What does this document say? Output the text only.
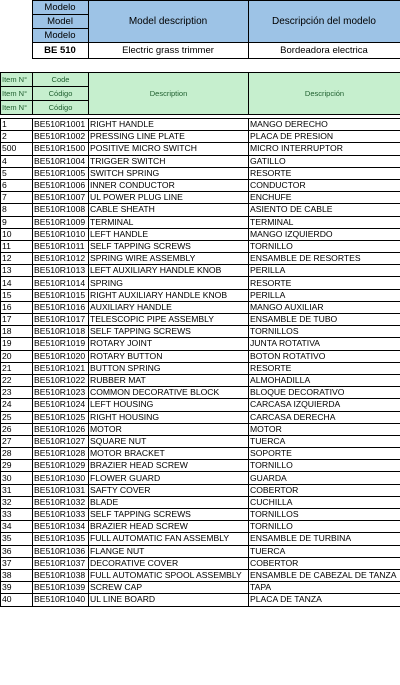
	Modelo	Model description	Descripción del modelo
	Model		
	Modelo		
	BE 510	Electric grass trimmer	Bordeadora electrica
Item N°	Code	Description	Descripción
Item N°	Código		
Item N°	Código		
1	BE510R1001	RIGHT HANDLE	MANGO DERECHO
2	BE510R1002	PRESSING LINE PLATE	PLACA DE PRESION
500	BE510R1500	POSITIVE MICRO SWITCH	MICRO INTERRUPTOR
4	BE510R1004	TRIGGER SWITCH	GATILLO
5	BE510R1005	SWITCH SPRING	RESORTE
6	BE510R1006	INNER CONDUCTOR	CONDUCTOR
7	BE510R1007	UL POWER PLUG LINE	ENCHUFE
8	BE510R1008	CABLE SHEATH	ASIENTO DE CABLE
9	BE510R1009	TERMINAL	TERMINAL
10	BE510R1010	LEFT HANDLE	MANGO IZQUIERDO
11	BE510R1011	SELF TAPPING SCREWS	TORNILLO
12	BE510R1012	SPRING WIRE ASSEMBLY	ENSAMBLE DE RESORTES
13	BE510R1013	LEFT AUXILIARY HANDLE KNOB	PERILLA
14	BE510R1014	SPRING	RESORTE
15	BE510R1015	RIGHT AUXILIARY HANDLE KNOB	PERILLA
16	BE510R1016	AUXILIARY HANDLE	MANGO AUXILIAR
17	BE510R1017	TELESCOPIC PIPE ASSEMBLY	ENSAMBLE DE TUBO
18	BE510R1018	SELF TAPPING SCREWS	TORNILLOS
19	BE510R1019	ROTARY JOINT	JUNTA ROTATIVA
20	BE510R1020	ROTARY BUTTON	BOTON ROTATIVO
21	BE510R1021	BUTTON SPRING	RESORTE
22	BE510R1022	RUBBER MAT	ALMOHADILLA
23	BE510R1023	COMMON DECORATIVE BLOCK	BLOQUE DECORATIVO
24	BE510R1024	LEFT HOUSING	CARCASA IZQUIERDA
25	BE510R1025	RIGHT HOUSING	CARCASA DERECHA
26	BE510R1026	MOTOR	MOTOR
27	BE510R1027	SQUARE NUT	TUERCA
28	BE510R1028	MOTOR BRACKET	SOPORTE
29	BE510R1029	BRAZIER HEAD SCREW	TORNILLO
30	BE510R1030	FLOWER GUARD	GUARDA
31	BE510R1031	SAFTY COVER	COBERTOR
32	BE510R1032	BLADE	CUCHILLA
33	BE510R1033	SELF TAPPING SCREWS	TORNILLOS
34	BE510R1034	BRAZIER HEAD SCREW	TORNILLO
35	BE510R1035	FULL AUTOMATIC FAN ASSEMBLY	ENSAMBLE DE TURBINA
36	BE510R1036	FLANGE NUT	TUERCA
37	BE510R1037	DECORATIVE COVER	COBERTOR
38	BE510R1038	FULL AUTOMATIC SPOOL ASSEMBLY	ENSAMBLE DE CABEZAL DE TANZA
39	BE510R1039	SCREW CAP	TAPA
40	BE510R1040	UL LINE BOARD	PLACA DE TANZA
